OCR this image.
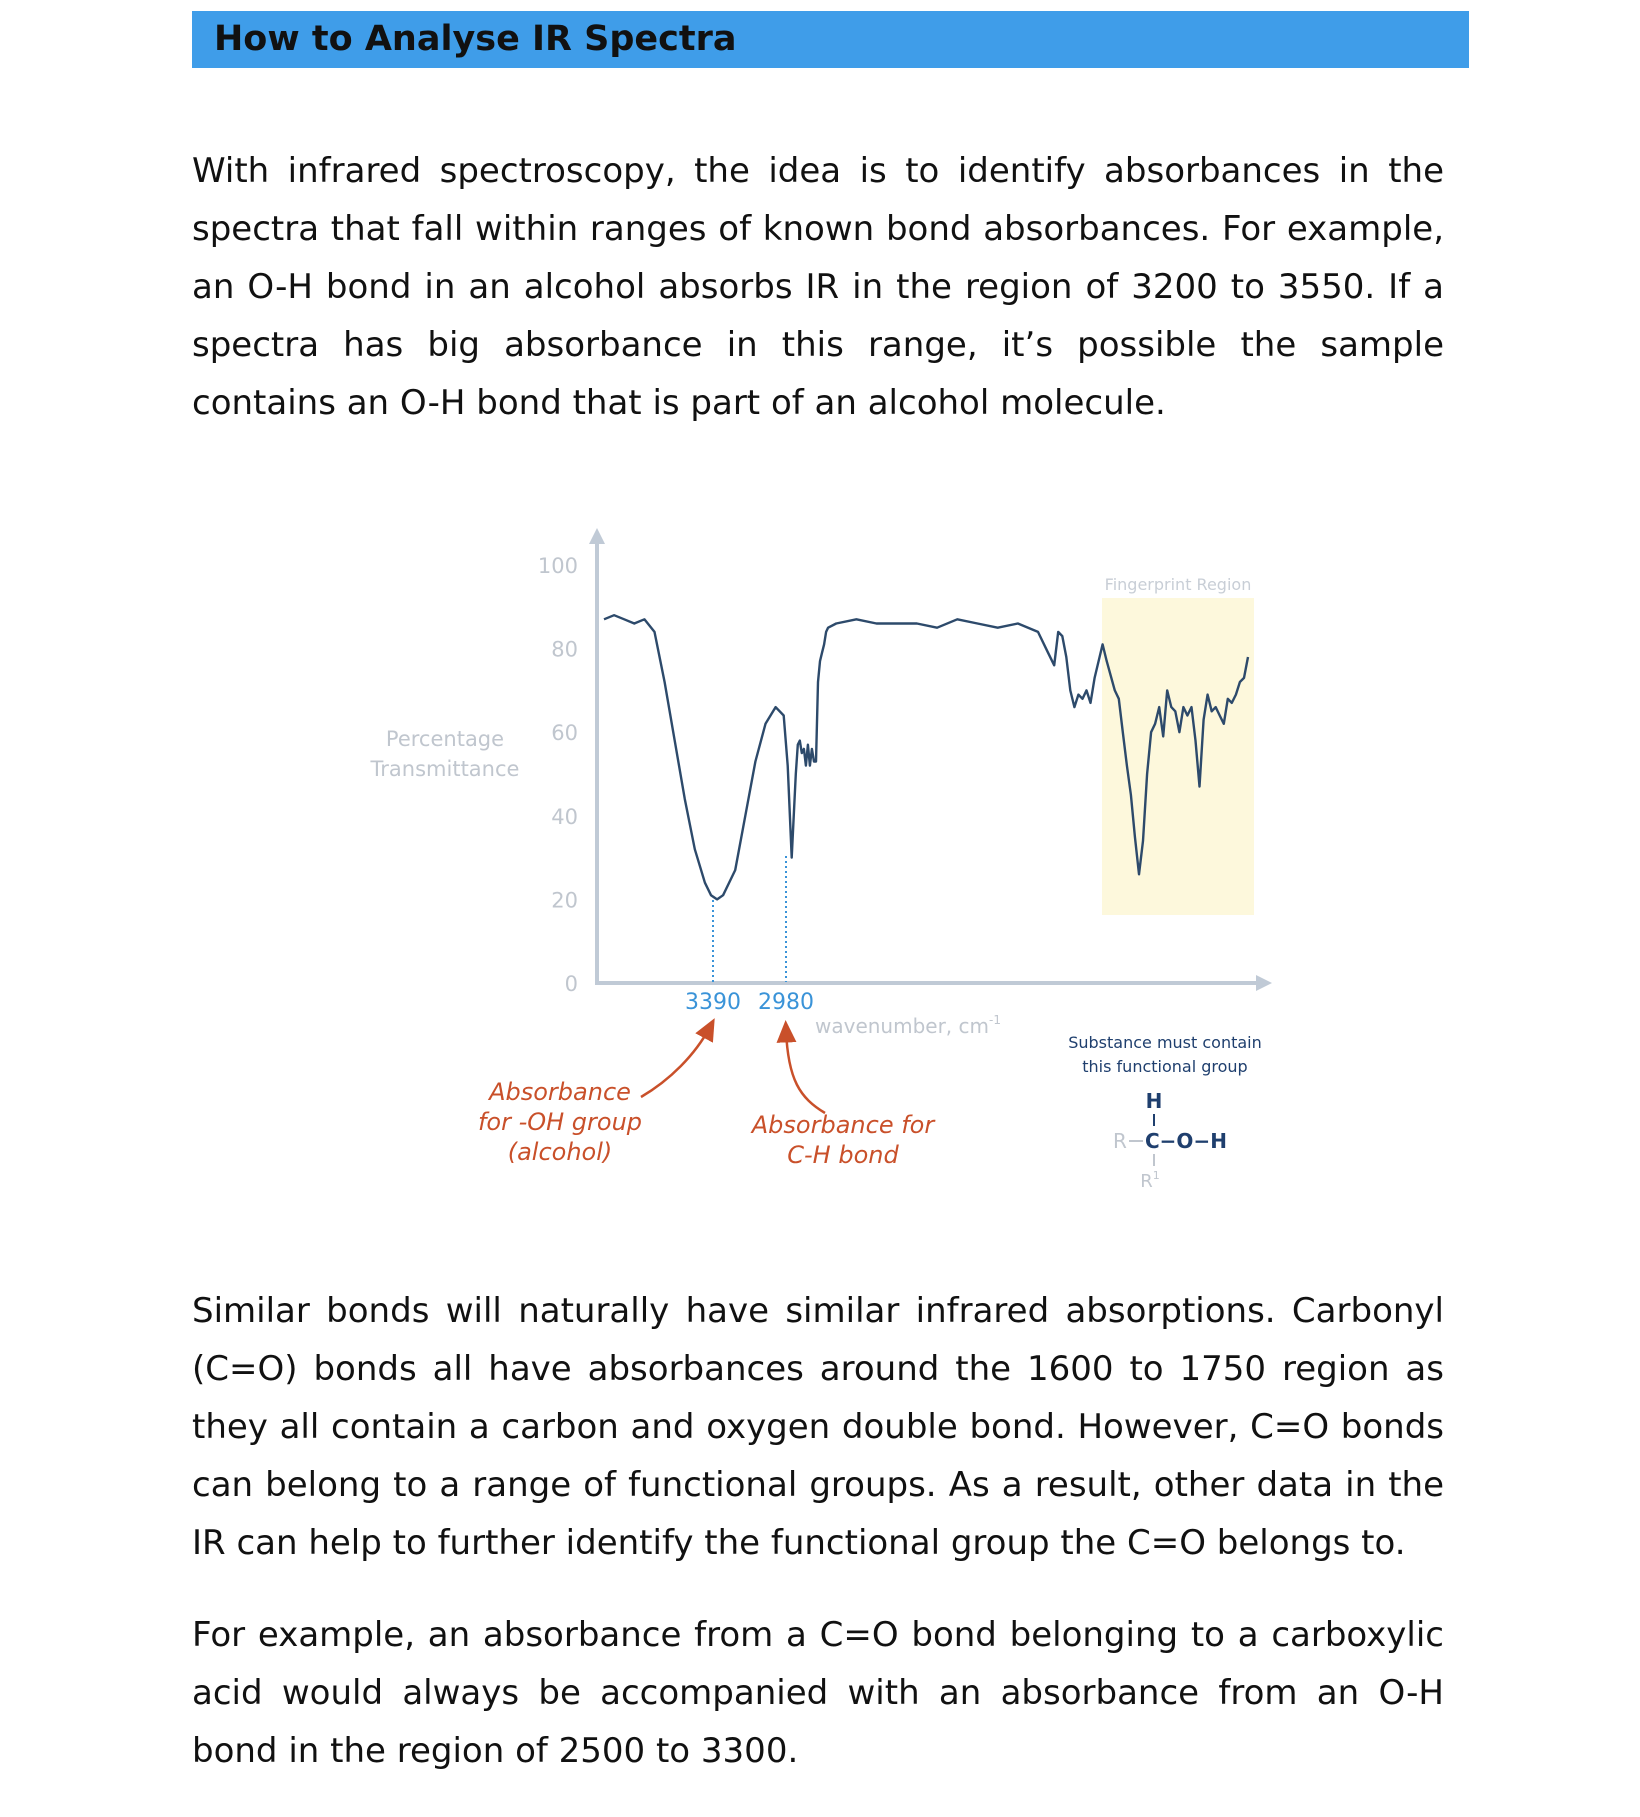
How to Analyse IR Spectra

With infrared spectroscopy, the idea is to identify absorbances in the spectra that fall within ranges of known bond absorbances. For example, an O-H bond in an alcohol absorbs IR in the region of 3200 to 3550. If a spectra has big absorbance in this range, it’s possible the sample contains an O-H bond that is part of an alcohol molecule.

Fingerprint Region
100
80
60
40
20
0
Percentage
Transmittance
3390 2980
wavenumber, $cm^{-1}$
Absorbance
for -OH group
(alcohol)
Absorbance for
C-H bond
Substance must contain
this functional group
H
R C−O−H
$R^1$

Similar bonds will naturally have similar infrared absorptions. Carbonyl (C=O) bonds all have absorbances around the 1600 to 1750 region as they all contain a carbon and oxygen double bond. However, C=O bonds can belong to a range of functional groups. As a result, other data in the IR can help to further identify the functional group the C=O belongs to.

For example, an absorbance from a C=O bond belonging to a carboxylic acid would always be accompanied with an absorbance from an O-H bond in the region of 2500 to 3300.
